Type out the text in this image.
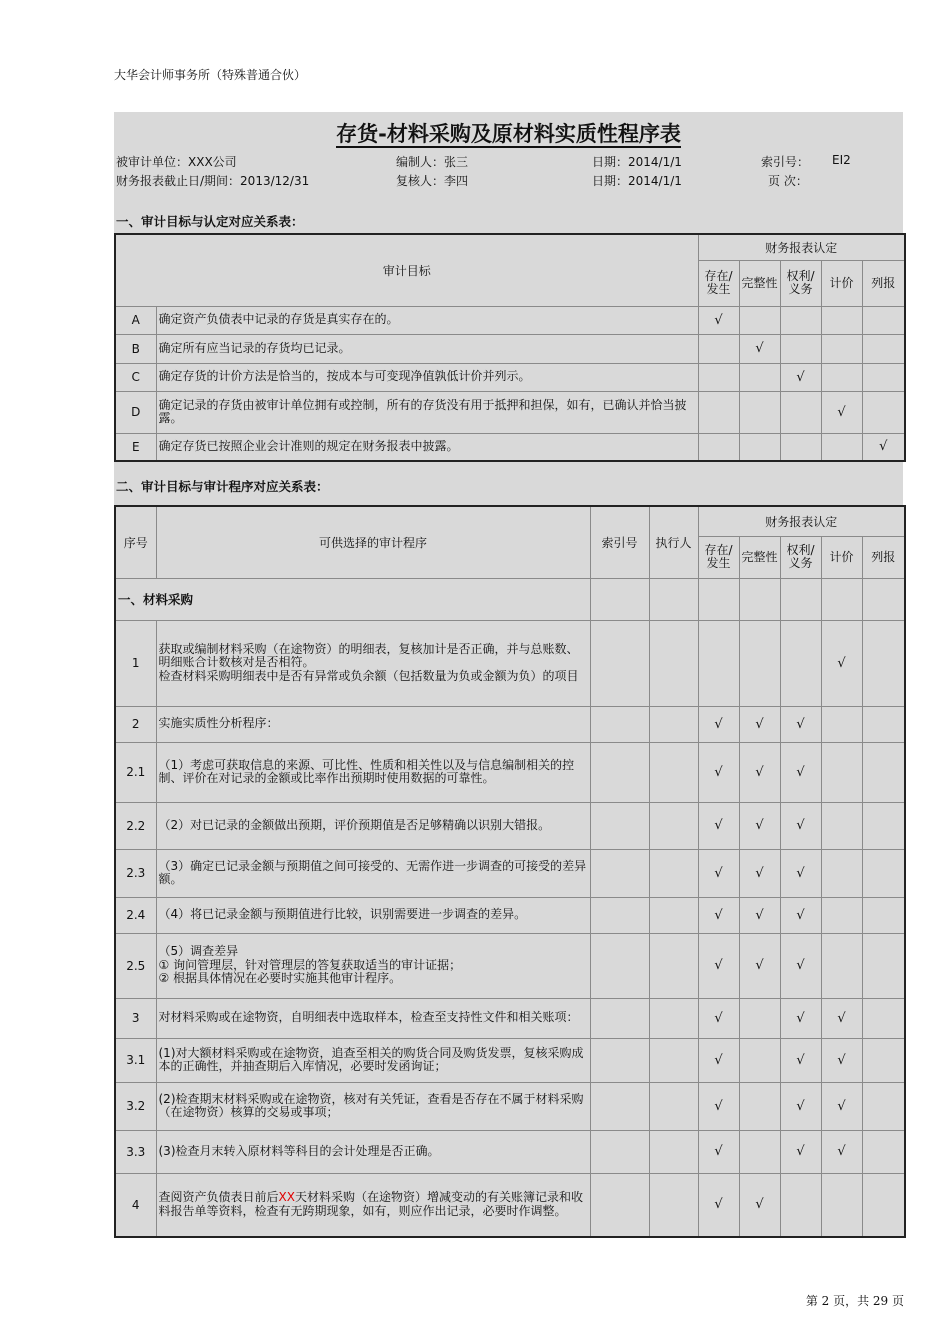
大华会计师事务所（特殊普通合伙）
存货-材料采购及原材料实质性程序表
被审计单位：XXX公司
财务报表截止日/期间：2013/12/31
编制人：张三
复核人：李四
日期：2014/1/1
日期：2014/1/1
索引号： EI2
页 次：
一、审计目标与认定对应关系表：
审计目标		财务报表认定				
		存在/发生	完整性	权利/义务	计价	列报
A	确定资产负债表中记录的存货是真实存在的。	√				
B	确定所有应当记录的存货均已记录。		√			
C	确定存货的计价方法是恰当的，按成本与可变现净值孰低计价并列示。			√		
D	确定记录的存货由被审计单位拥有或控制，所有的存货没有用于抵押和担保，如有，已确认并恰当披露。				√	
E	确定存货已按照企业会计准则的规定在财务报表中披露。					√
二、审计目标与审计程序对应关系表：
序号	可供选择的审计程序	索引号	执行人	财务报表认定				
				存在/发生	完整性	权利/义务	计价	列报
一、材料采购								
1	获取或编制材料采购（在途物资）的明细表，复核加计是否正确，并与总账数、明细账合计数核对是否相符。
检查材料采购明细表中是否有异常或负余额（包括数量为负或金额为负）的项目						√	
2	实施实质性分析程序：			√	√	√		
2.1	（1）考虑可获取信息的来源、可比性、性质和相关性以及与信息编制相关的控制、评价在对记录的金额或比率作出预期时使用数据的可靠性。			√	√	√		
2.2	（2）对已记录的金额做出预期，评价预期值是否足够精确以识别大错报。			√	√	√		
2.3	（3）确定已记录金额与预期值之间可接受的、无需作进一步调查的可接受的差异额。			√	√	√		
2.4	（4）将已记录金额与预期值进行比较，识别需要进一步调查的差异。			√	√	√		
2.5	（5）调查差异
① 询问管理层，针对管理层的答复获取适当的审计证据；
② 根据具体情况在必要时实施其他审计程序。			√	√	√		
3	对材料采购或在途物资，自明细表中选取样本，检查至支持性文件和相关账项：			√		√	√	
3.1	(1)对大额材料采购或在途物资，追查至相关的购货合同及购货发票，复核采购成本的正确性，并抽查期后入库情况，必要时发函询证；			√		√	√	
3.2	(2)检查期末材料采购或在途物资，核对有关凭证，查看是否存在不属于材料采购（在途物资）核算的交易或事项；			√		√	√	
3.3	(3)检查月末转入原材料等科目的会计处理是否正确。			√		√	√	
4	查阅资产负债表日前后XX天材料采购（在途物资）增减变动的有关账簿记录和收料报告单等资料，检查有无跨期现象，如有，则应作出记录，必要时作调整。			√	√			
第 2 页，共 29 页
